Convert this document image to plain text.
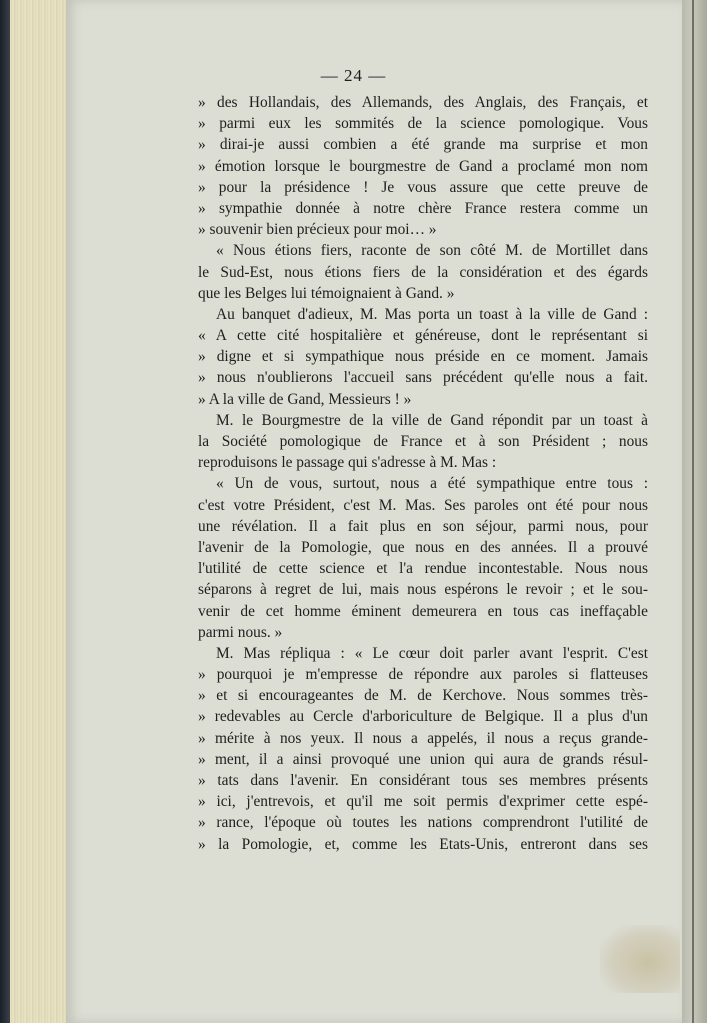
— 24 —
» des Hollandais, des Allemands, des Anglais, des Français, et
» parmi eux les sommités de la science pomologique. Vous
» dirai-je aussi combien a été grande ma surprise et mon
» émotion lorsque le bourgmestre de Gand a proclamé mon nom
» pour la présidence ! Je vous assure que cette preuve de
» sympathie donnée à notre chère France restera comme un
» souvenir bien précieux pour moi… »
« Nous étions fiers, raconte de son côté M. de Mortillet dans
le Sud-Est, nous étions fiers de la considération et des égards
que les Belges lui témoignaient à Gand. »
Au banquet d'adieux, M. Mas porta un toast à la ville de Gand :
« A cette cité hospitalière et généreuse, dont le représentant si
» digne et si sympathique nous préside en ce moment. Jamais
» nous n'oublierons l'accueil sans précédent qu'elle nous a fait.
» A la ville de Gand, Messieurs ! »
M. le Bourgmestre de la ville de Gand répondit par un toast à
la Société pomologique de France et à son Président ; nous
reproduisons le passage qui s'adresse à M. Mas :
« Un de vous, surtout, nous a été sympathique entre tous :
c'est votre Président, c'est M. Mas. Ses paroles ont été pour nous
une révélation. Il a fait plus en son séjour, parmi nous, pour
l'avenir de la Pomologie, que nous en des années. Il a prouvé
l'utilité de cette science et l'a rendue incontestable. Nous nous
séparons à regret de lui, mais nous espérons le revoir ; et le sou-
venir de cet homme éminent demeurera en tous cas ineffaçable
parmi nous. »
M. Mas répliqua : « Le cœur doit parler avant l'esprit. C'est
» pourquoi je m'empresse de répondre aux paroles si flatteuses
» et si encourageantes de M. de Kerchove. Nous sommes très-
» redevables au Cercle d'arboriculture de Belgique. Il a plus d'un
» mérite à nos yeux. Il nous a appelés, il nous a reçus grande-
» ment, il a ainsi provoqué une union qui aura de grands résul-
» tats dans l'avenir. En considérant tous ses membres présents
» ici, j'entrevois, et qu'il me soit permis d'exprimer cette espé-
» rance, l'époque où toutes les nations comprendront l'utilité de
» la Pomologie, et, comme les Etats-Unis, entreront dans ses
